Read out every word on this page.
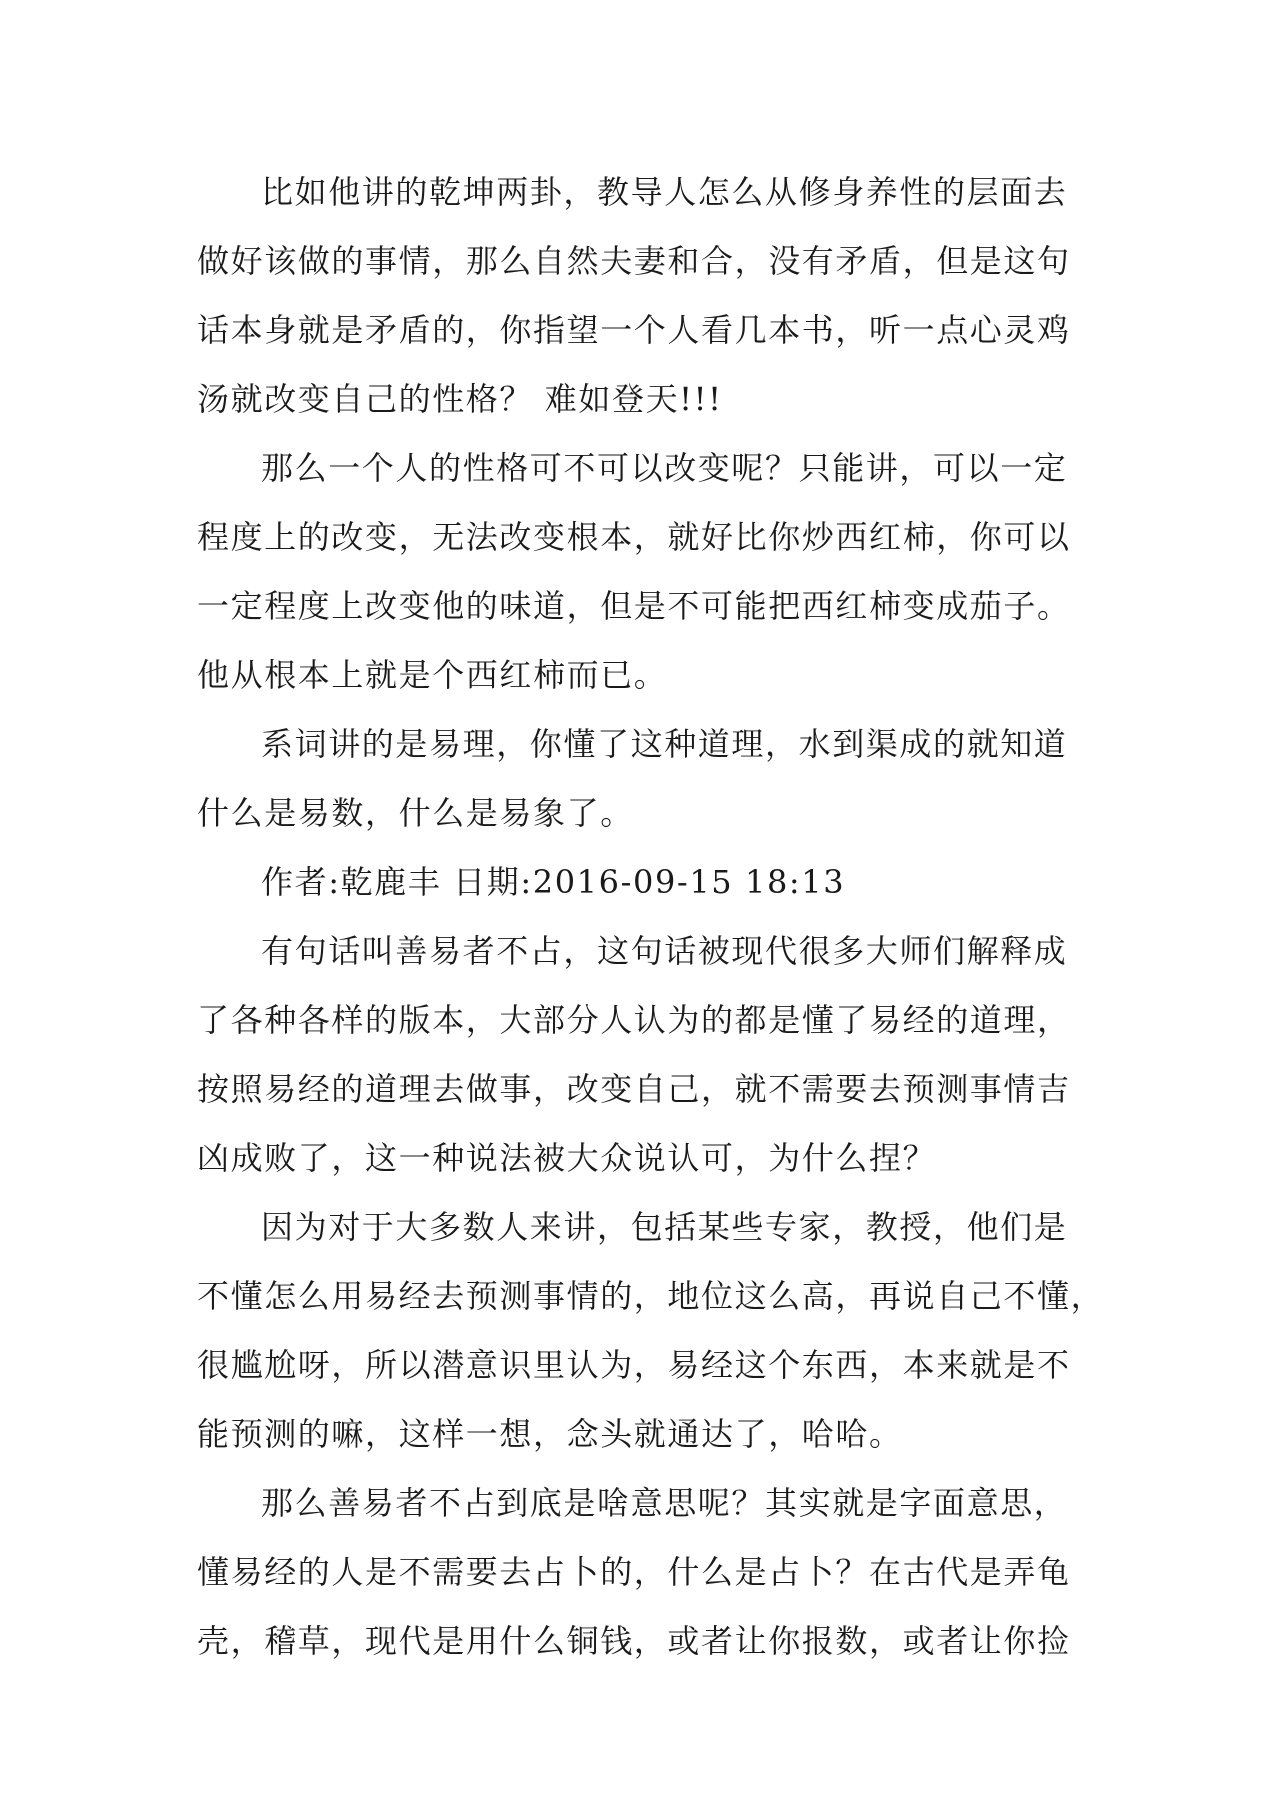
比如他讲的乾坤两卦，教导人怎么从修身养性的层面去
做好该做的事情，那么自然夫妻和合，没有矛盾，但是这句
话本身就是矛盾的，你指望一个人看几本书，听一点心灵鸡
汤就改变自己的性格？ 难如登天!!!
那么一个人的性格可不可以改变呢？只能讲，可以一定
程度上的改变，无法改变根本，就好比你炒西红柿，你可以
一定程度上改变他的味道，但是不可能把西红柿变成茄子。
他从根本上就是个西红柿而已。
系词讲的是易理，你懂了这种道理，水到渠成的就知道
什么是易数，什么是易象了。
作者:乾鹿丰 日期:2016-09-15 18:13
有句话叫善易者不占，这句话被现代很多大师们解释成
了各种各样的版本，大部分人认为的都是懂了易经的道理，
按照易经的道理去做事，改变自己，就不需要去预测事情吉
凶成败了，这一种说法被大众说认可，为什么捏？
因为对于大多数人来讲，包括某些专家，教授，他们是
不懂怎么用易经去预测事情的，地位这么高，再说自己不懂，
很尴尬呀，所以潜意识里认为，易经这个东西，本来就是不
能预测的嘛，这样一想，念头就通达了，哈哈。
那么善易者不占到底是啥意思呢？其实就是字面意思，
懂易经的人是不需要去占卜的，什么是占卜？在古代是弄龟
壳，稽草，现代是用什么铜钱，或者让你报数，或者让你捡
